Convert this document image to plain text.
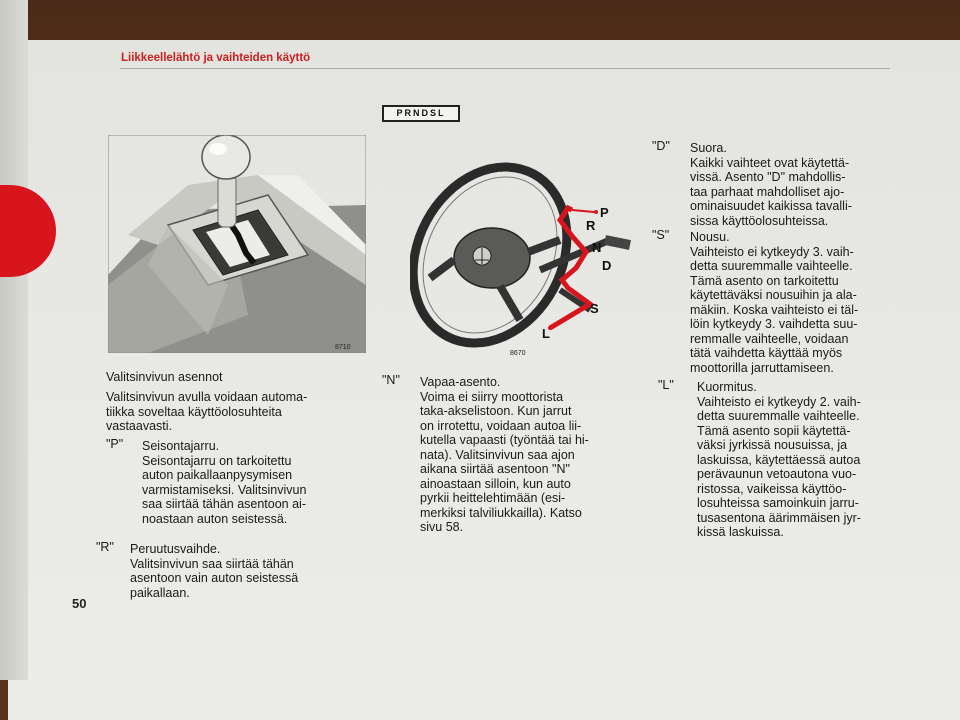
Liikkeellelähtö ja vaihteiden käyttö
8710
PRNDSL
P
R
N
D
S
L
8670
Valitsinvivun asennot
Valitsinvivun avulla voidaan automa-
tiikka soveltaa käyttöolosuhteita
vastaavasti.
"P" Seisontajarru.
Seisontajarru on tarkoitettu
auton paikallaanpysymisen
varmistamiseksi. Valitsinvivun
saa siirtää tähän asentoon ai-
noastaan auton seistessä.
"R" Peruutusvaihde.
Valitsinvivun saa siirtää tähän
asentoon vain auton seistessä
paikallaan.
50
"N" Vapaa-asento.
Voima ei siirry moottorista
taka-akselistoon. Kun jarrut
on irrotettu, voidaan autoa lii-
kutella vapaasti (työntää tai hi-
nata). Valitsinvivun saa ajon
aikana siirtää asentoon "N"
ainoastaan silloin, kun auto
pyrkii heittelehtimään (esi-
merkiksi talviliukkailla). Katso
sivu 58.
"D" Suora.
Kaikki vaihteet ovat käytettä-
vissä. Asento "D" mahdollis-
taa parhaat mahdolliset ajo-
ominaisuudet kaikissa tavalli-
sissa käyttöolosuhteissa.
"S" Nousu.
Vaihteisto ei kytkeydy 3. vaih-
detta suuremmalle vaihteelle.
Tämä asento on tarkoitettu
käytettäväksi nousuihin ja ala-
mäkiin. Koska vaihteisto ei täl-
löin kytkeydy 3. vaihdetta suu-
remmalle vaihteelle, voidaan
tätä vaihdetta käyttää myös
moottorilla jarruttamiseen.
"L" Kuormitus.
Vaihteisto ei kytkeydy 2. vaih-
detta suuremmalle vaihteelle.
Tämä asento sopii käytettä-
väksi jyrkissä nousuissa, ja
laskuissa, käytettäessä autoa
perävaunun vetoautona vuo-
ristossa, vaikeissa käyttöo-
losuhteissa samoinkuin jarru-
tusasentona äärimmäisen jyr-
kissä laskuissa.
